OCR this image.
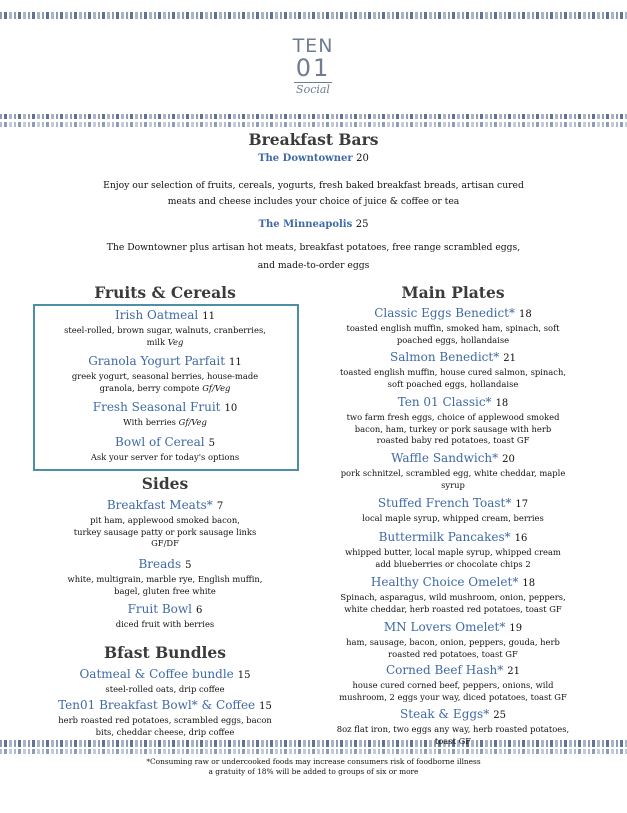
TEN
01
Social
Breakfast Bars
The Downtowner 20
Enjoy our selection of fruits, cereals, yogurts, fresh baked breakfast breads, artisan cured
meats and cheese includes your choice of juice & coffee or tea
The Minneapolis 25
The Downtowner plus artisan hot meats, breakfast potatoes, free range scrambled eggs,
and made-to-order eggs
Fruits & Cereals
Irish Oatmeal 11
steel-rolled, brown sugar, walnuts, cranberries,
milk Veg
Granola Yogurt Parfait 11
greek yogurt, seasonal berries, house-made
granola, berry compote Gf/Veg
Fresh Seasonal Fruit 10
With berries Gf/Veg
Bowl of Cereal 5
Ask your server for today's options
Sides
Breakfast Meats* 7
pit ham, applewood smoked bacon,
turkey sausage patty or pork sausage links
GF/DF
Breads 5
white, multigrain, marble rye, English muffin,
bagel, gluten free white
Fruit Bowl 6
diced fruit with berries
Bfast Bundles
Oatmeal & Coffee bundle 15
steel-rolled oats, drip coffee
Ten01 Breakfast Bowl* & Coffee 15
herb roasted red potatoes, scrambled eggs, bacon
bits, cheddar cheese, drip coffee
Main Plates
Classic Eggs Benedict* 18
toasted english muffin, smoked ham, spinach, soft
poached eggs, hollandaise
Salmon Benedict* 21
toasted english muffin, house cured salmon, spinach,
soft poached eggs, hollandaise
Ten 01 Classic* 18
two farm fresh eggs, choice of applewood smoked
bacon, ham, turkey or pork sausage with herb
roasted baby red potatoes, toast GF
Waffle Sandwich* 20
pork schnitzel, scrambled egg, white cheddar, maple
syrup
Stuffed French Toast* 17
local maple syrup, whipped cream, berries
Buttermilk Pancakes* 16
whipped butter, local maple syrup, whipped cream
add blueberries or chocolate chips 2
Healthy Choice Omelet* 18
Spinach, asparagus, wild mushroom, onion, peppers,
white cheddar, herb roasted red potatoes, toast GF
MN Lovers Omelet* 19
ham, sausage, bacon, onion, peppers, gouda, herb
roasted red potatoes, toast GF
Corned Beef Hash* 21
house cured corned beef, peppers, onions, wild
mushroom, 2 eggs your way, diced potatoes, toast GF
Steak & Eggs* 25
8oz flat iron, two eggs any way, herb roasted potatoes,
toast GF
*Consuming raw or undercooked foods may increase consumers risk of foodborne illness
a gratuity of 18% will be added to groups of six or more
